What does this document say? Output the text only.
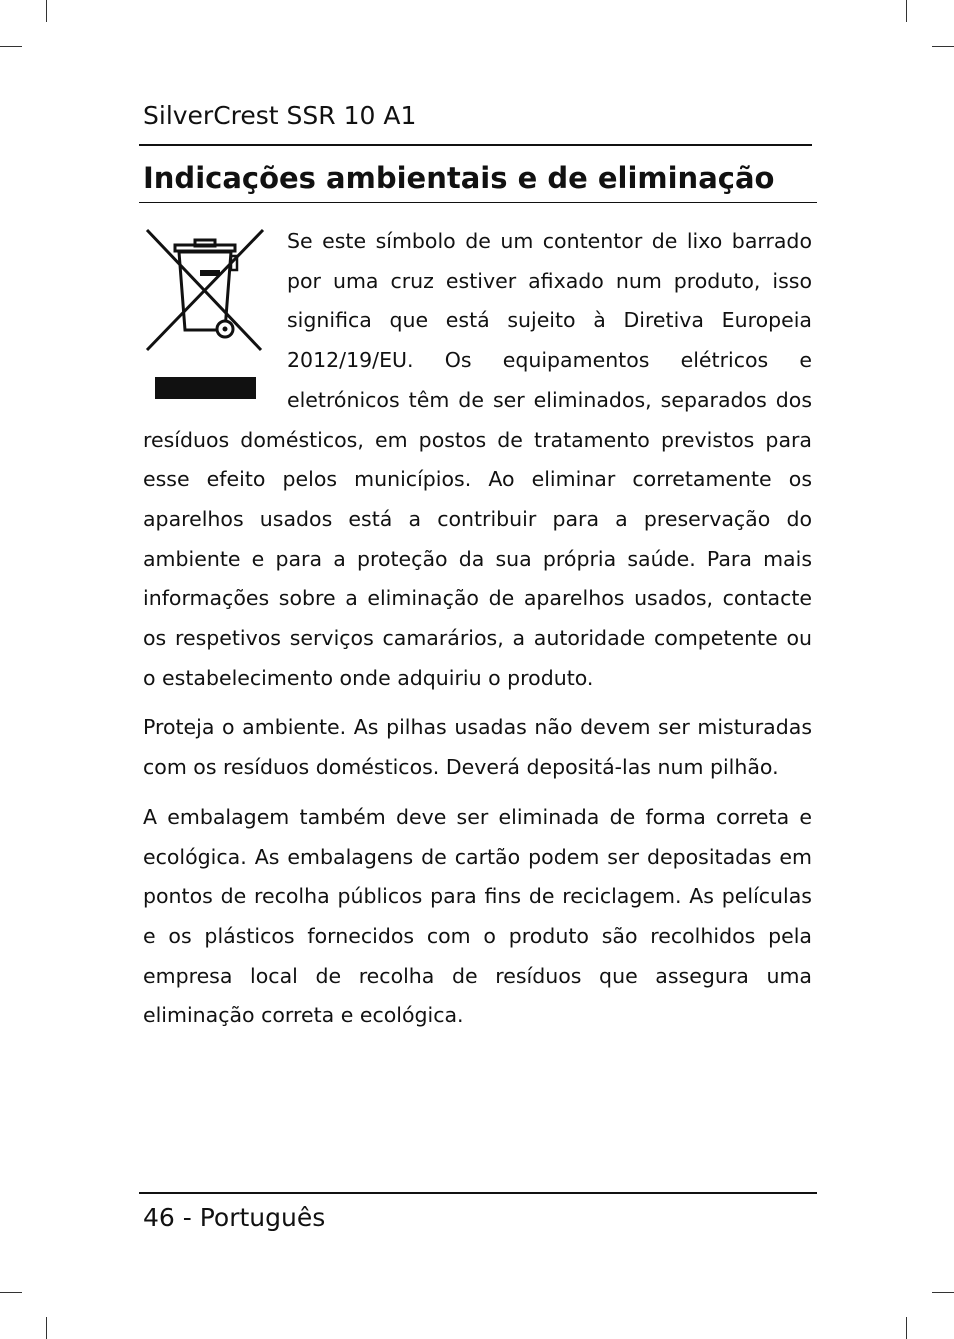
SilverCrest SSR 10 A1
Indicações ambientais e de eliminação

Se este símbolo de um contentor de lixo barrado por uma cruz estiver afixado num produto, isso significa que está sujeito à Diretiva Europeia 2012/19/EU. Os equipamentos elétricos e eletrónicos têm de ser eliminados, separados dos resíduos domésticos, em postos de tratamento previstos para esse efeito pelos municípios. Ao eliminar corretamente os aparelhos usados está a contribuir para a preservação do ambiente e para a proteção da sua própria saúde. Para mais informações sobre a eliminação de aparelhos usados, contacte os respetivos serviços camarários, a autoridade competente ou o estabelecimento onde adquiriu o produto.

Proteja o ambiente. As pilhas usadas não devem ser misturadas com os resíduos domésticos. Deverá depositá-las num pilhão.

A embalagem também deve ser eliminada de forma correta e ecológica. As embalagens de cartão podem ser depositadas em pontos de recolha públicos para fins de reciclagem. As películas e os plásticos fornecidos com o produto são recolhidos pela empresa local de recolha de resíduos que assegura uma eliminação correta e ecológica.

46 - Português
